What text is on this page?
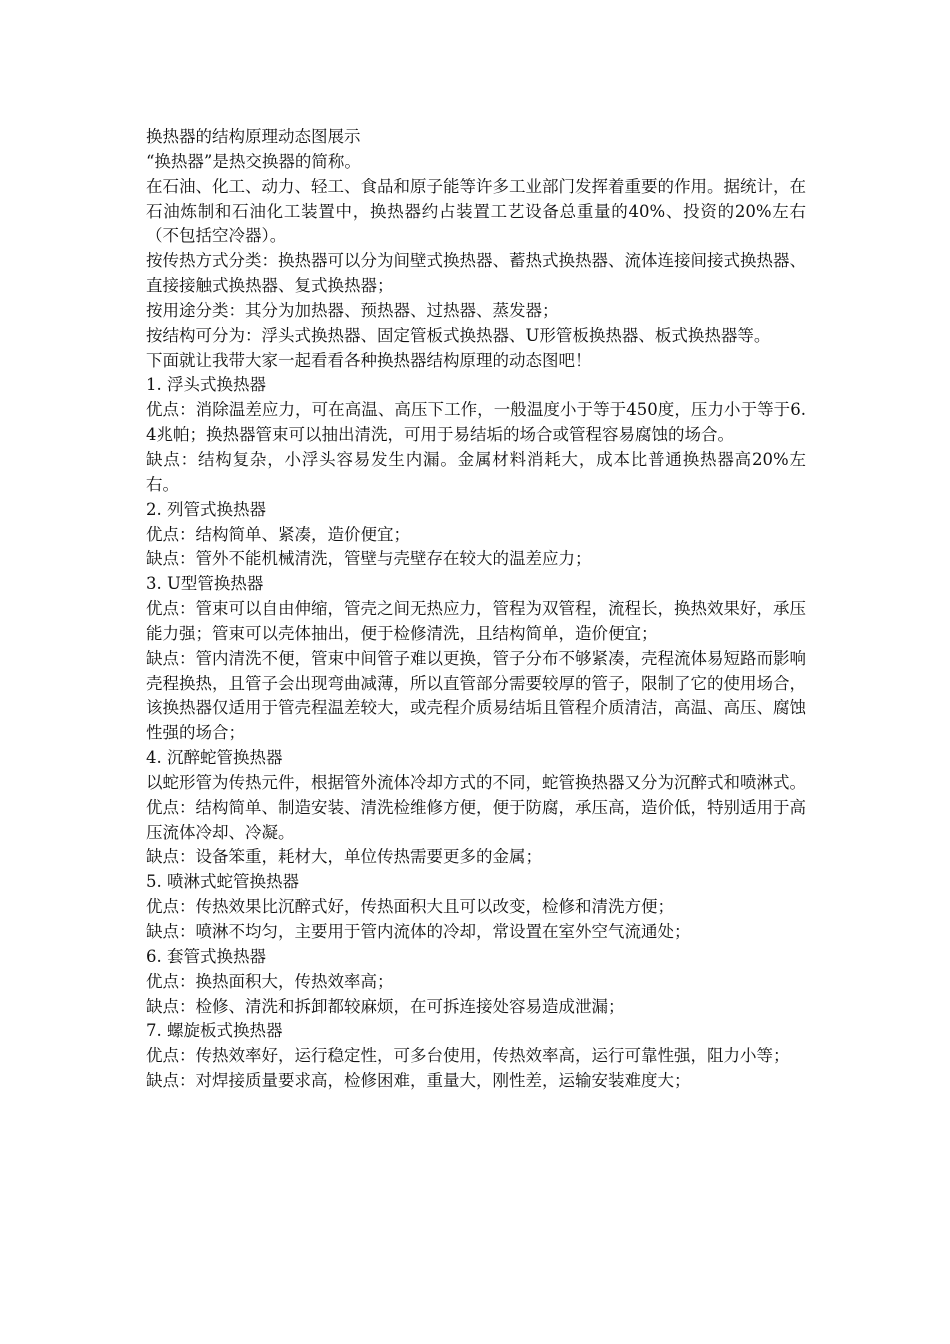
换热器的结构原理动态图展示

“换热器”是热交换器的简称。

在石油、化工、动力、轻工、食品和原子能等许多工业部门发挥着重要的作用。据统计，在石油炼制和石油化工装置中，换热器约占装置工艺设备总重量的40%、投资的20%左右（不包括空冷器）。

按传热方式分类：换热器可以分为间壁式换热器、蓄热式换热器、流体连接间接式换热器、直接接触式换热器、复式换热器；

按用途分类：其分为加热器、预热器、过热器、蒸发器；

按结构可分为：浮头式换热器、固定管板式换热器、U形管板换热器、板式换热器等。

下面就让我带大家一起看看各种换热器结构原理的动态图吧！

1. 浮头式换热器

优点：消除温差应力，可在高温、高压下工作，一般温度小于等于450度，压力小于等于6.4兆帕；换热器管束可以抽出清洗，可用于易结垢的场合或管程容易腐蚀的场合。

缺点：结构复杂，小浮头容易发生内漏。金属材料消耗大，成本比普通换热器高20%左右。

2. 列管式换热器

优点：结构简单、紧凑，造价便宜；

缺点：管外不能机械清洗，管壁与壳壁存在较大的温差应力；

3. U型管换热器

优点：管束可以自由伸缩，管壳之间无热应力，管程为双管程，流程长，换热效果好，承压能力强；管束可以壳体抽出，便于检修清洗，且结构简单，造价便宜；

缺点：管内清洗不便，管束中间管子难以更换，管子分布不够紧凑，壳程流体易短路而影响壳程换热，且管子会出现弯曲减薄，所以直管部分需要较厚的管子，限制了它的使用场合，该换热器仅适用于管壳程温差较大，或壳程介质易结垢且管程介质清洁，高温、高压、腐蚀性强的场合；

4. 沉醉蛇管换热器

以蛇形管为传热元件，根据管外流体冷却方式的不同，蛇管换热器又分为沉醉式和喷淋式。

优点：结构简单、制造安装、清洗检维修方便，便于防腐，承压高，造价低，特别适用于高压流体冷却、冷凝。

缺点：设备笨重，耗材大，单位传热需要更多的金属；

5. 喷淋式蛇管换热器

优点：传热效果比沉醉式好，传热面积大且可以改变，检修和清洗方便；

缺点：喷淋不均匀，主要用于管内流体的冷却，常设置在室外空气流通处；

6. 套管式换热器

优点：换热面积大，传热效率高；

缺点：检修、清洗和拆卸都较麻烦，在可拆连接处容易造成泄漏；

7. 螺旋板式换热器

优点：传热效率好，运行稳定性，可多台使用，传热效率高，运行可靠性强，阻力小等；

缺点：对焊接质量要求高，检修困难，重量大，刚性差，运输安装难度大；
